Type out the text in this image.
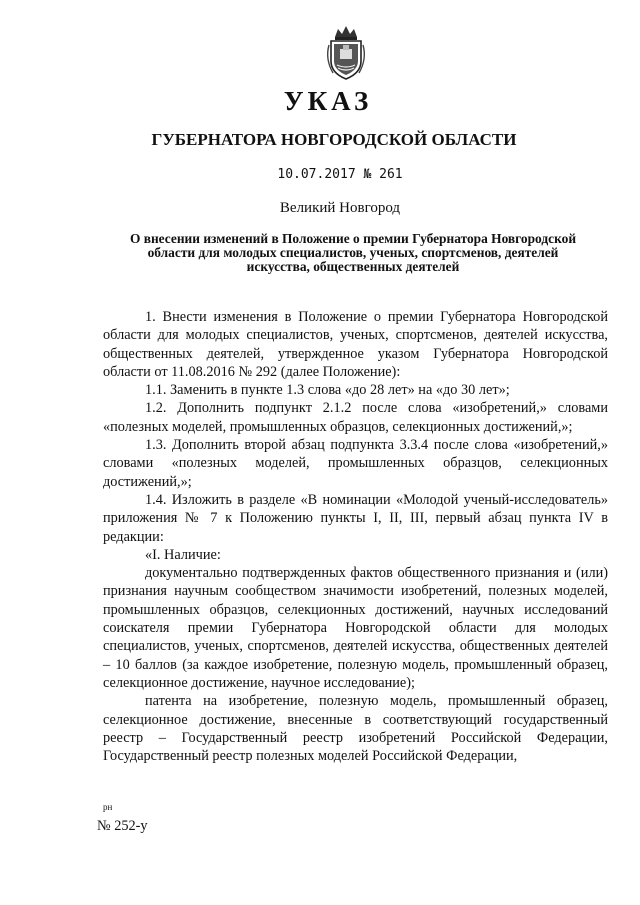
УКАЗ
ГУБЕРНАТОРА НОВГОРОДСКОЙ ОБЛАСТИ
10.07.2017 № 261
Великий Новгород
О внесении изменений в Положение о премии Губернатора Новгородской области для молодых специалистов, ученых, спортсменов, деятелей искусства, общественных деятелей

1. Внести изменения в Положение о премии Губернатора Новгородской области для молодых специалистов, ученых, спортсменов, деятелей искусства, общественных деятелей, утвержденное указом Губернатора Новгородской области от 11.08.2016 № 292 (далее Положение):

1.1. Заменить в пункте 1.3 слова «до 28 лет» на «до 30 лет»;

1.2. Дополнить подпункт 2.1.2 после слова «изобретений,» словами «полезных моделей, промышленных образцов, селекционных достижений,»;

1.3. Дополнить второй абзац подпункта 3.3.4 после слова «изобретений,» словами «полезных моделей, промышленных образцов, селекционных достижений,»;

1.4. Изложить в разделе «В номинации «Молодой ученый-исследователь» приложения № 7 к Положению пункты I, II, III, первый абзац пункта IV в редакции:

«I. Наличие:

документально подтвержденных фактов общественного признания и (или) признания научным сообществом значимости изобретений, полезных моделей, промышленных образцов, селекционных достижений, научных исследований соискателя премии Губернатора Новгородской области для молодых специалистов, ученых, спортсменов, деятелей искусства, общественных деятелей – 10 баллов (за каждое изобретение, полезную модель, промышленный образец, селекционное достижение, научное исследование);

патента на изобретение, полезную модель, промышленный образец, селекционное достижение, внесенные в соответствующий государственный реестр – Государственный реестр изобретений Российской Федерации, Государственный реестр полезных моделей Российской Федерации,

рн
№ 252-у
